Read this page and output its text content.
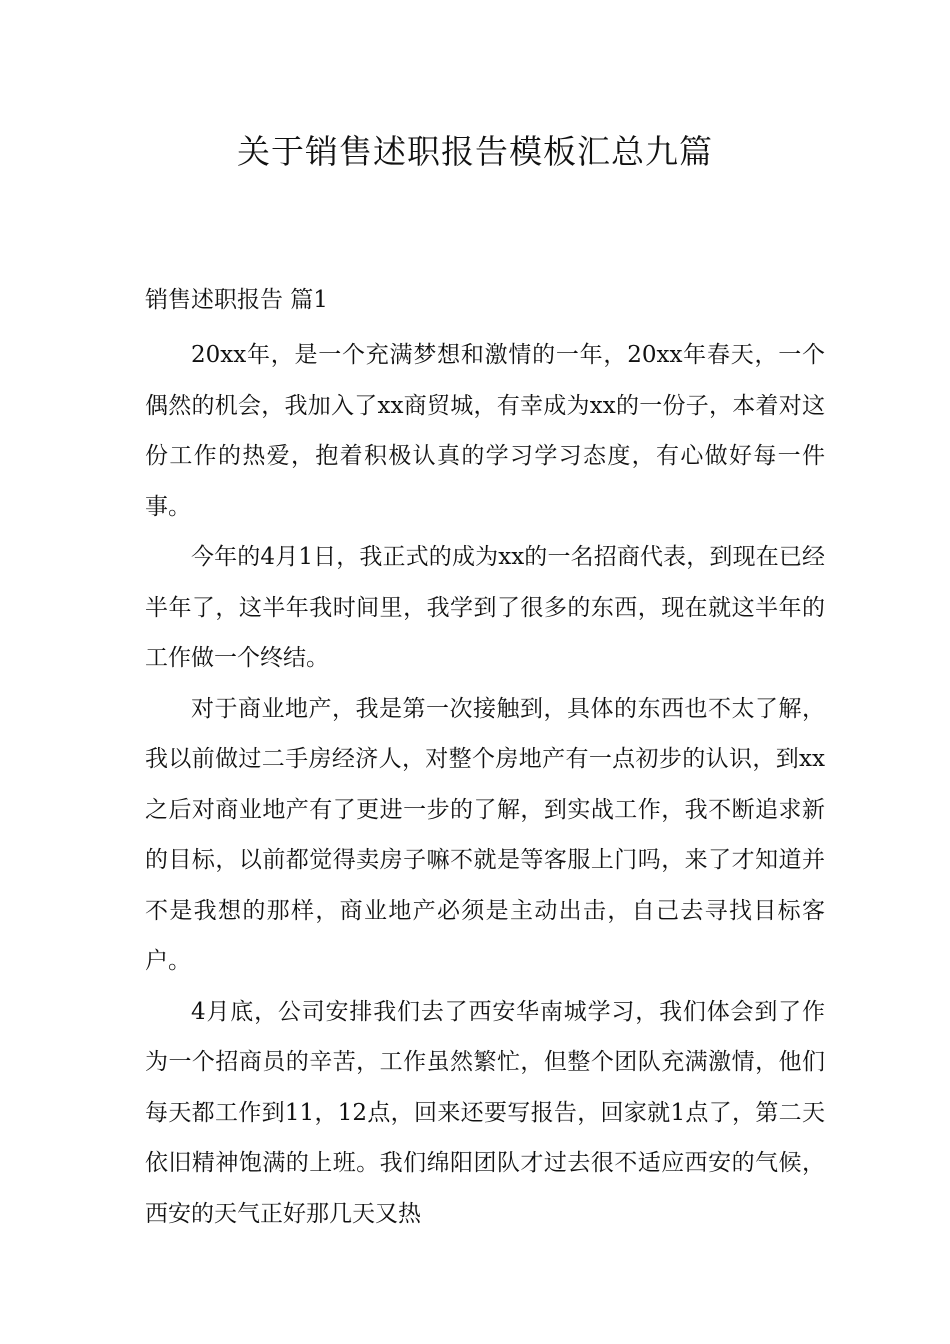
关于销售述职报告模板汇总九篇

销售述职报告 篇1

20xx年，是一个充满梦想和激情的一年，20xx年春天，一个偶然的机会，我加入了xx商贸城，有幸成为xx的一份子，本着对这份工作的热爱，抱着积极认真的学习学习态度，有心做好每一件事。

今年的4月1日，我正式的成为xx的一名招商代表，到现在已经半年了，这半年我时间里，我学到了很多的东西，现在就这半年的工作做一个终结。

对于商业地产，我是第一次接触到，具体的东西也不太了解，我以前做过二手房经济人，对整个房地产有一点初步的认识，到xx之后对商业地产有了更进一步的了解，到实战工作，我不断追求新的目标，以前都觉得卖房子嘛不就是等客服上门吗，来了才知道并不是我想的那样，商业地产必须是主动出击，自己去寻找目标客户。

4月底，公司安排我们去了西安华南城学习，我们体会到了作为一个招商员的辛苦，工作虽然繁忙，但整个团队充满激情，他们每天都工作到11，12点，回来还要写报告，回家就1点了，第二天依旧精神饱满的上班。我们绵阳团队才过去很不适应西安的气候，西安的天气正好那几天又热
